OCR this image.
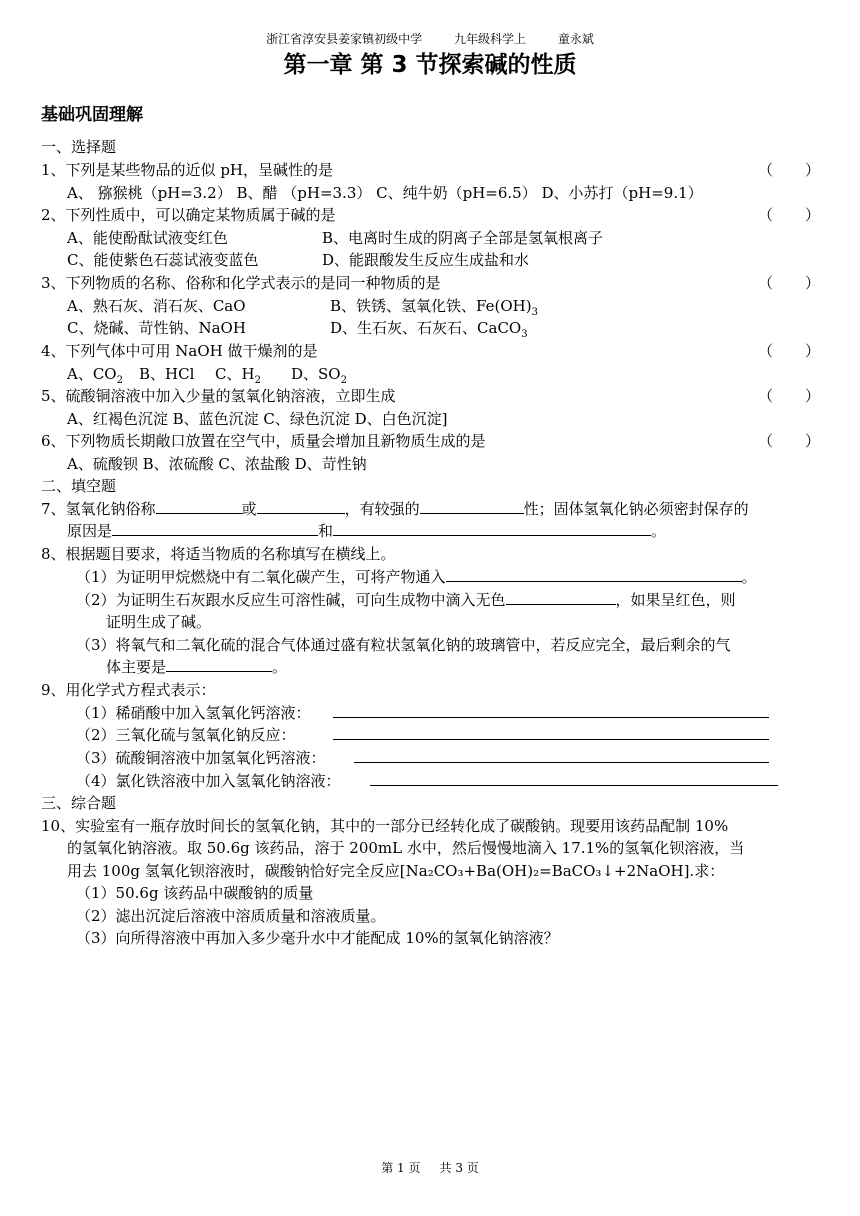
浙江省淳安县姜家镇初级中学	九年级科学上	童永斌
第一章 第 3 节探索碱的性质
基础巩固理解
一、选择题
1、下列是某些物品的近似 pH，呈碱性的是	（ ）
A、 猕猴桃（pH=3.2） B、醋 （pH=3.3） C、纯牛奶（pH=6.5） D、小苏打（pH=9.1）
2、下列性质中，可以确定某物质属于碱的是	（ ）
A、能使酚酞试液变红色	B、电离时生成的阴离子全部是氢氧根离子
C、能使紫色石蕊试液变蓝色	D、能跟酸发生反应生成盐和水
3、下列物质的名称、俗称和化学式表示的是同一种物质的是	（ ）
A、熟石灰、消石灰、CaO	B、铁锈、氢氧化铁、$Fe(OH)_3$
C、烧碱、苛性钠、NaOH	D、生石灰、石灰石、CaCO$_3$
4、下列气体中可用 NaOH 做干燥剂的是	（ ）
A、$CO_2$ B、HCl C、$H_2$ D、$SO_2$
5、硫酸铜溶液中加入少量的氢氧化钠溶液，立即生成	（ ）
A、红褐色沉淀 B、蓝色沉淀 C、绿色沉淀 D、白色沉淀]
6、下列物质长期敞口放置在空气中，质量会增加且新物质生成的是	（ ）
A、硫酸钡 B、浓硫酸 C、浓盐酸 D、苛性钠
二、填空题
7、氢氧化钠俗称	或	，有较强的	性；固体氢氧化钠必须密封保存的
原因是	和	。
8、根据题目要求，将适当物质的名称填写在横线上。
（1）为证明甲烷燃烧中有二氧化碳产生，可将产物通入	。
（2）为证明生石灰跟水反应生可溶性碱，可向生成物中滴入无色	，如果呈红色，则
证明生成了碱。
（3）将氧气和二氧化硫的混合气体通过盛有粒状氢氧化钠的玻璃管中，若反应完全，最后剩余的气
体主要是	。
9、用化学式方程式表示：
（1）稀硝酸中加入氢氧化钙溶液：
（2）三氧化硫与氢氧化钠反应：
（3）硫酸铜溶液中加氢氧化钙溶液：
（4）氯化铁溶液中加入氢氧化钠溶液：
三、综合题
10、实验室有一瓶存放时间长的氢氧化钠，其中的一部分已经转化成了碳酸钠。现要用该药品配制 10%
的氢氧化钠溶液。取 50.6g 该药品，溶于 200mL 水中，然后慢慢地滴入 17.1%的氢氧化钡溶液，当
用去 100g 氢氧化钡溶液时，碳酸钠恰好完全反应[Na₂CO₃+Ba(OH)₂=BaCO₃↓+2NaOH].求：
（1）50.6g 该药品中碳酸钠的质量
（2）滤出沉淀后溶液中溶质质量和溶液质量。
（3）向所得溶液中再加入多少毫升水中才能配成 10%的氢氧化钠溶液？
第 1 页 共 3 页
